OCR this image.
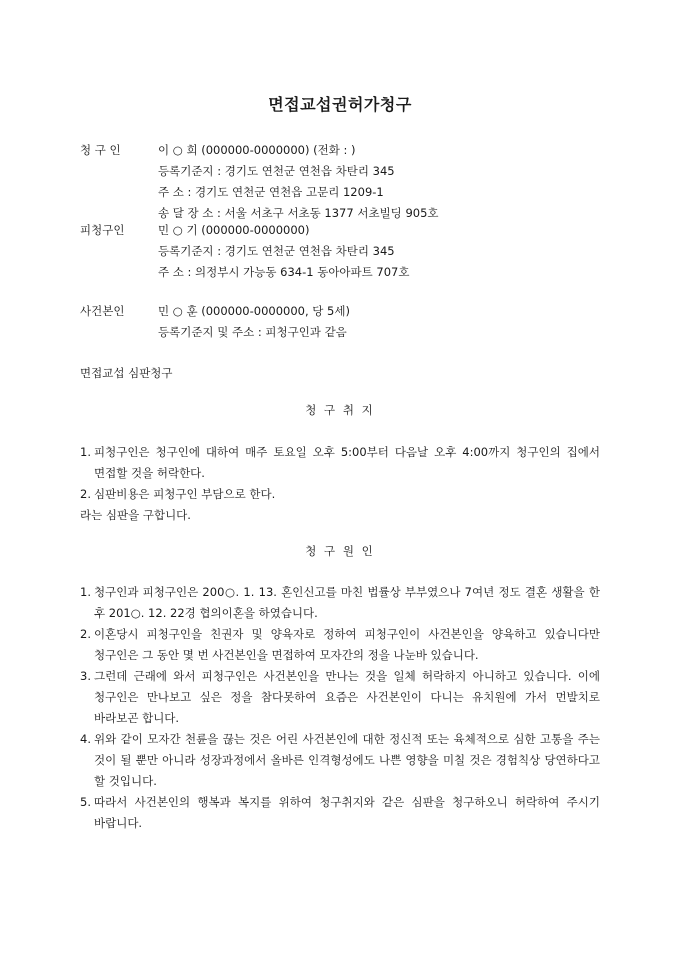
면접교섭권허가청구
청 구 인	이 ○ 희 (000000-0000000) (전화 : )
등록기준지 : 경기도 연천군 연천읍 차탄리 345
주 소 : 경기도 연천군 연천읍 고문리 1209-1
송 달 장 소 : 서울 서초구 서초동 1377 서초빌딩 905호
피청구인	민 ○ 기 (000000-0000000)
등록기준지 : 경기도 연천군 연천읍 차탄리 345
주 소 : 의정부시 가능동 634-1 동아아파트 707호
사건본인	민 ○ 훈 (000000-0000000, 당 5세)
등록기준지 및 주소 : 피청구인과 같음
면접교섭 심판청구
청 구 취 지
1. 피청구인은 청구인에 대하여 매주 토요일 오후 5:00부터 다음날 오후 4:00까지 청구인의 집에서 면접할 것을 허락한다.
2. 심판비용은 피청구인 부담으로 한다.
라는 심판을 구합니다.
청 구 원 인
1. 청구인과 피청구인은 200○. 1. 13. 혼인신고를 마친 법률상 부부였으나 7여년 정도 결혼 생활을 한 후 201○. 12. 22경 협의이혼을 하였습니다.
2. 이혼당시 피청구인을 친권자 및 양육자로 정하여 피청구인이 사건본인을 양육하고 있습니다만 청구인은 그 동안 몇 번 사건본인을 면접하여 모자간의 정을 나눈바 있습니다.
3. 그런데 근래에 와서 피청구인은 사건본인을 만나는 것을 일체 허락하지 아니하고 있습니다. 이에 청구인은 만나보고 싶은 정을 참다못하여 요즘은 사건본인이 다니는 유치원에 가서 먼발치로 바라보곤 합니다.
4. 위와 같이 모자간 천륜을 끊는 것은 어린 사건본인에 대한 정신적 또는 육체적으로 심한 고통을 주는 것이 될 뿐만 아니라 성장과정에서 올바른 인격형성에도 나쁜 영향을 미칠 것은 경험칙상 당연하다고 할 것입니다.
5. 따라서 사건본인의 행복과 복지를 위하여 청구취지와 같은 심판을 청구하오니 허락하여 주시기 바랍니다.
